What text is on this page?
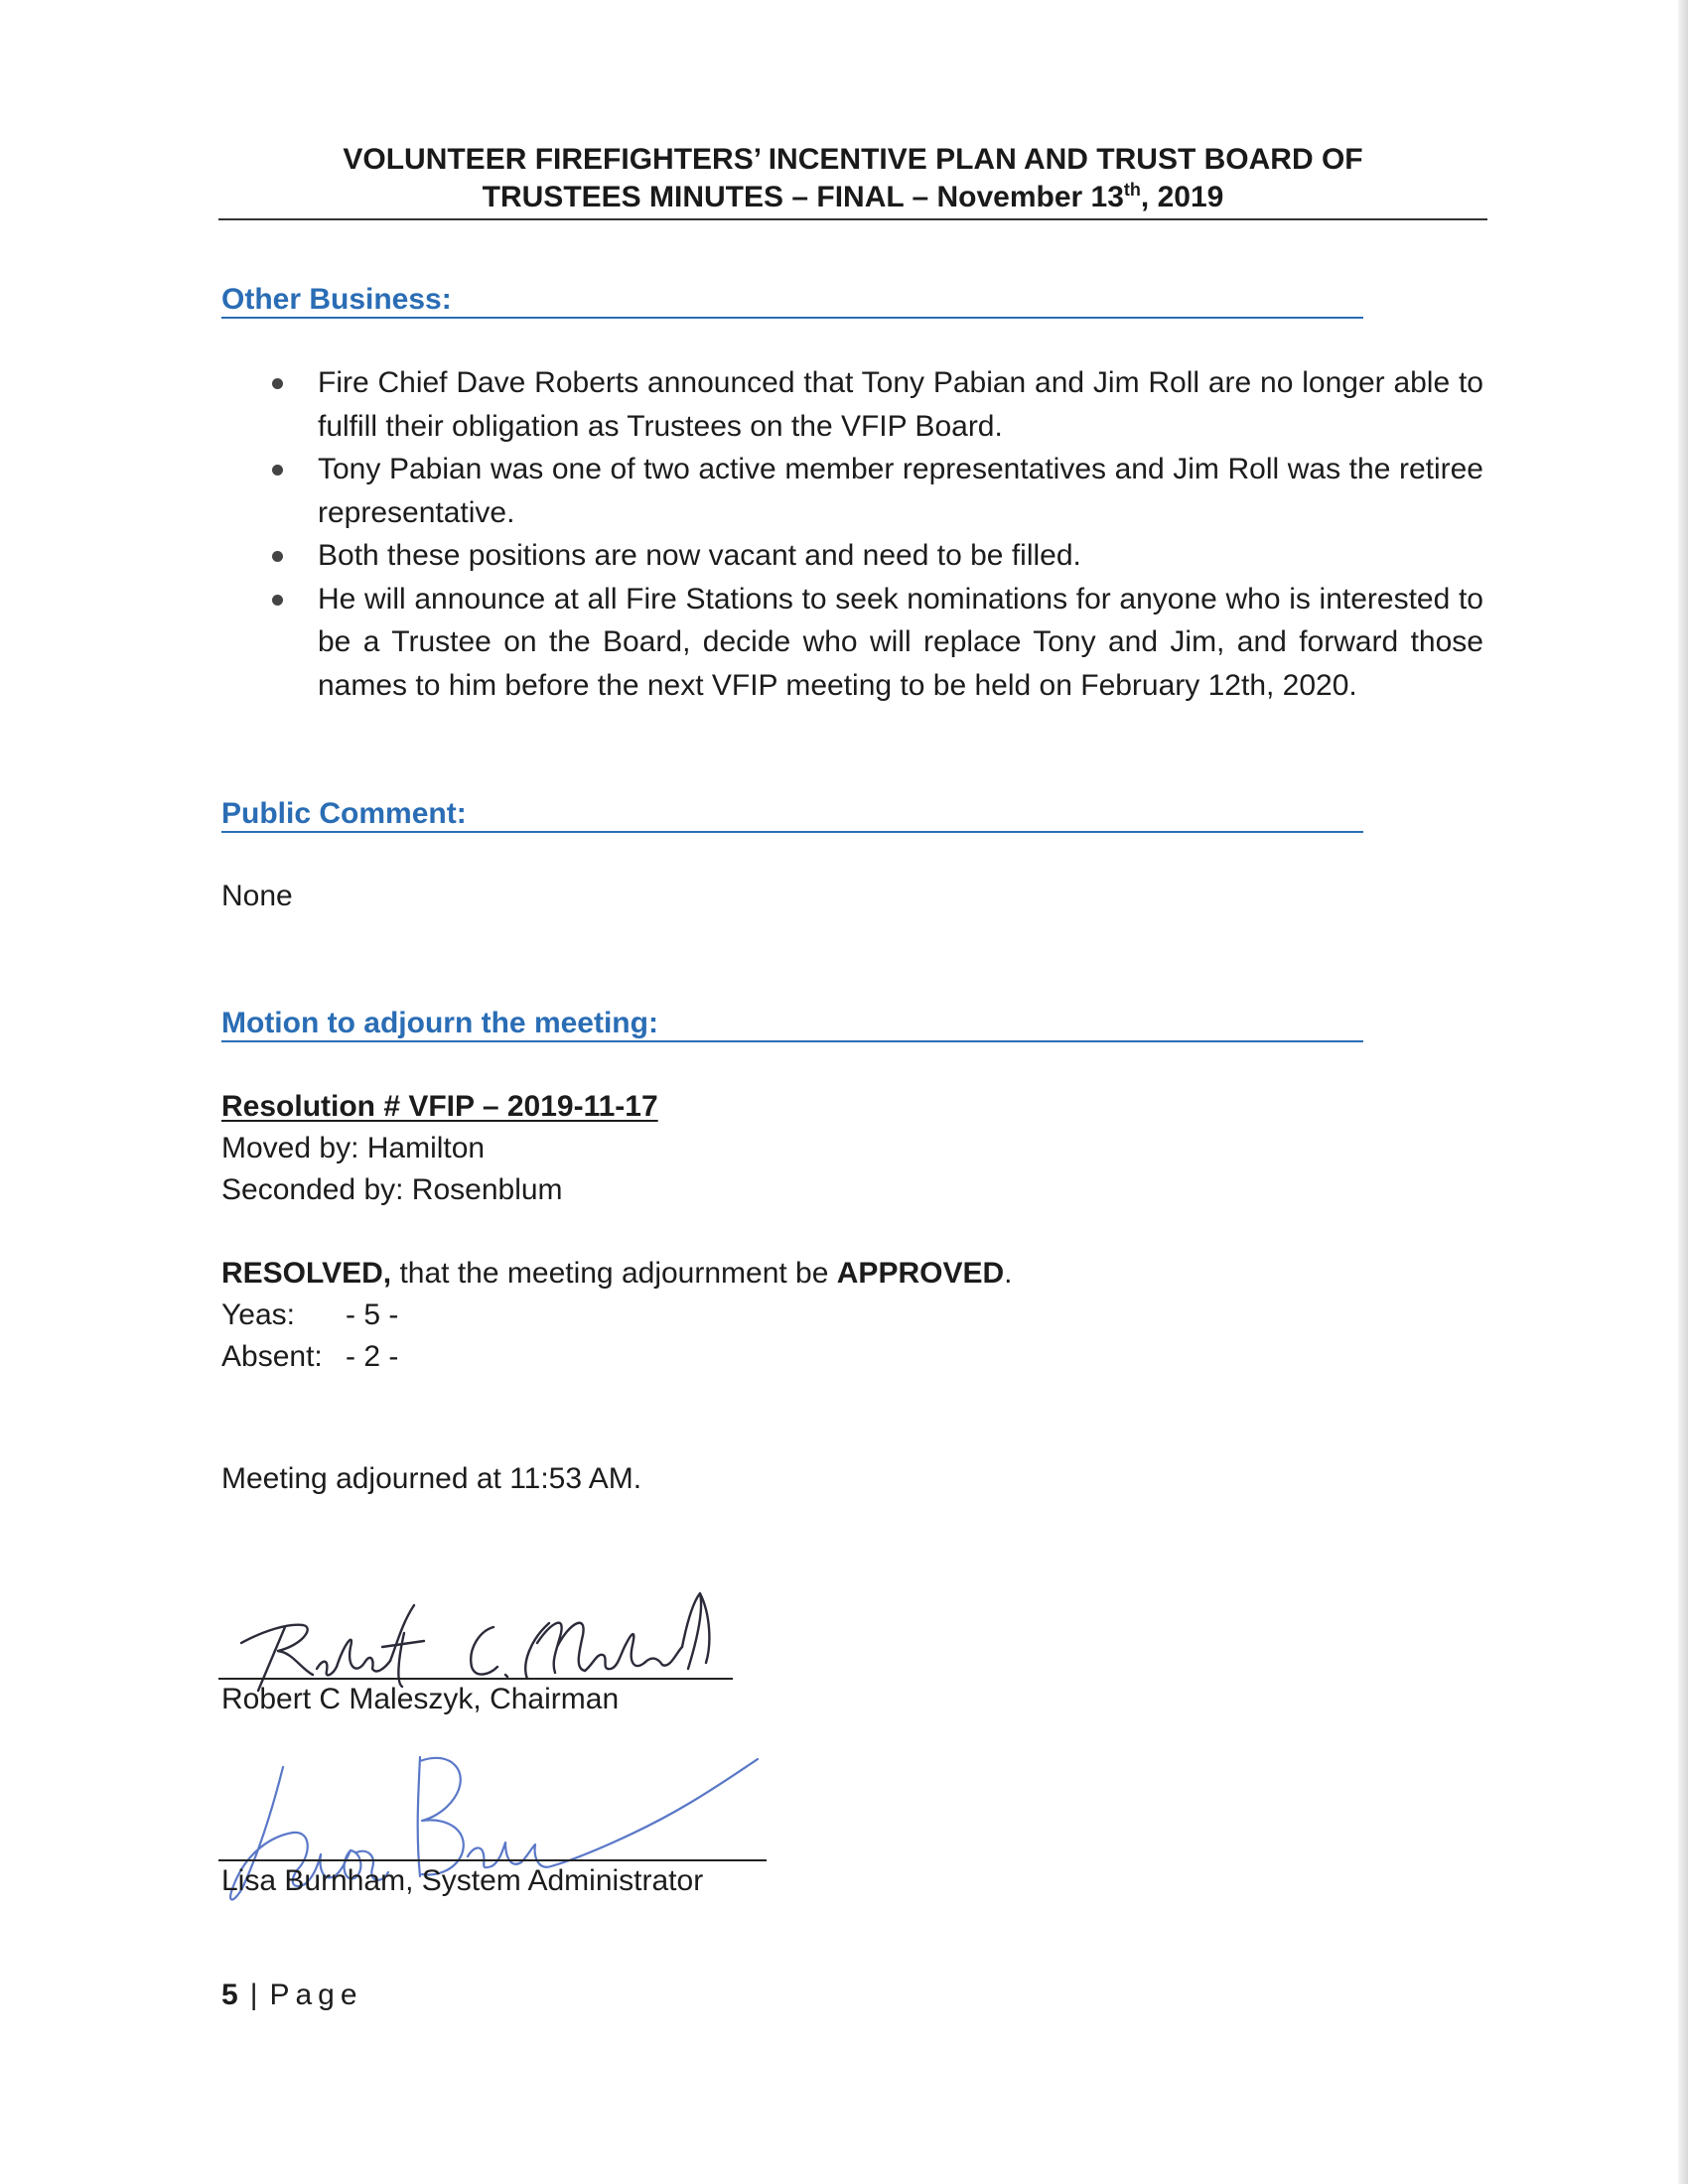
VOLUNTEER FIREFIGHTERS’ INCENTIVE PLAN AND TRUST BOARD OF
TRUSTEES MINUTES – FINAL – November 13th, 2019
Other Business:
Fire Chief Dave Roberts announced that Tony Pabian and Jim Roll are no longer able to fulfill their obligation as Trustees on the VFIP Board.
Tony Pabian was one of two active member representatives and Jim Roll was the retiree representative.
Both these positions are now vacant and need to be filled.
He will announce at all Fire Stations to seek nominations for anyone who is interested to be a Trustee on the Board, decide who will replace Tony and Jim, and forward those names to him before the next VFIP meeting to be held on February 12th, 2020.
Public Comment:
None
Motion to adjourn the meeting:
Resolution # VFIP – 2019-11-17
Moved by: Hamilton
Seconded by: Rosenblum
RESOLVED, that the meeting adjournment be APPROVED.
Yeas: - 5 -
Absent: - 2 -
Meeting adjourned at 11:53 AM.
Robert C Maleszyk, Chairman
Lisa Burnham, System Administrator
5 | Page
